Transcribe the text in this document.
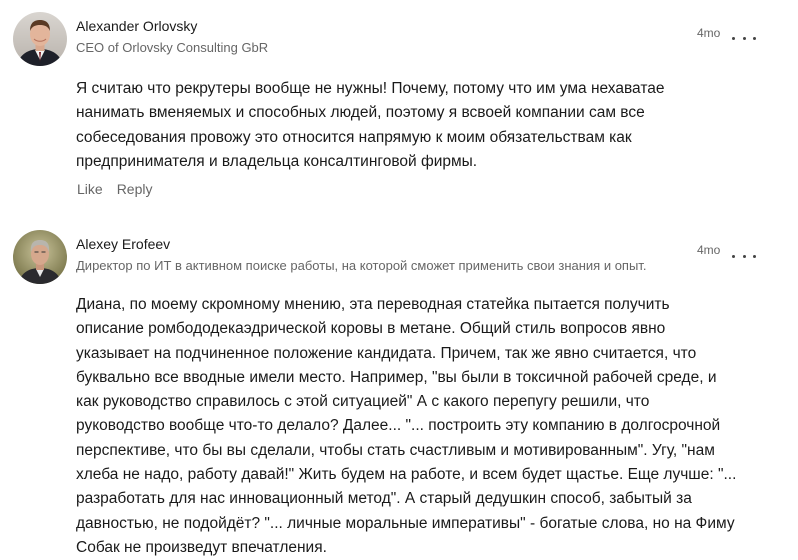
Alexander Orlovsky
CEO of Orlovsky Consulting GbR
4mo
Я считаю что рекрутеры вообще не нужны! Почему, потому что им ума нехаватае
нанимать вменяемых и способных людей, поэтому я всвоей компании сам все
собеседования провожу это относится напрямую к моим обязательствам как
предпринимателя и владельца консалтинговой фирмы.
Like Reply
Alexey Erofeev
Директор по ИТ в активном поиске работы, на которой сможет применить свои знания и опыт.
4mo
Диана, по моему скромному мнению, эта переводная статейка пытается получить
описание ромбододекаэдрической коровы в метане. Общий стиль вопросов явно
указывает на подчиненное положение кандидата. Причем, так же явно считается, что
буквально все вводные имели место. Например, "вы были в токсичной рабочей среде, и
как руководство справилось с этой ситуацией" А с какого перепугу решили, что
руководство вообще что-то делало? Далее... "... построить эту компанию в долгосрочной
перспективе, что бы вы сделали, чтобы стать счастливым и мотивированным". Угу, "нам
хлеба не надо, работу давай!" Жить будем на работе, и всем будет щастье. Еще лучше: "...
разработать для нас инновационный метод". А старый дедушкин способ, забытый за
давностью, не подойдёт? "... личные моральные императивы" - богатые слова, но на Фиму
Собак не произведут впечатления.
